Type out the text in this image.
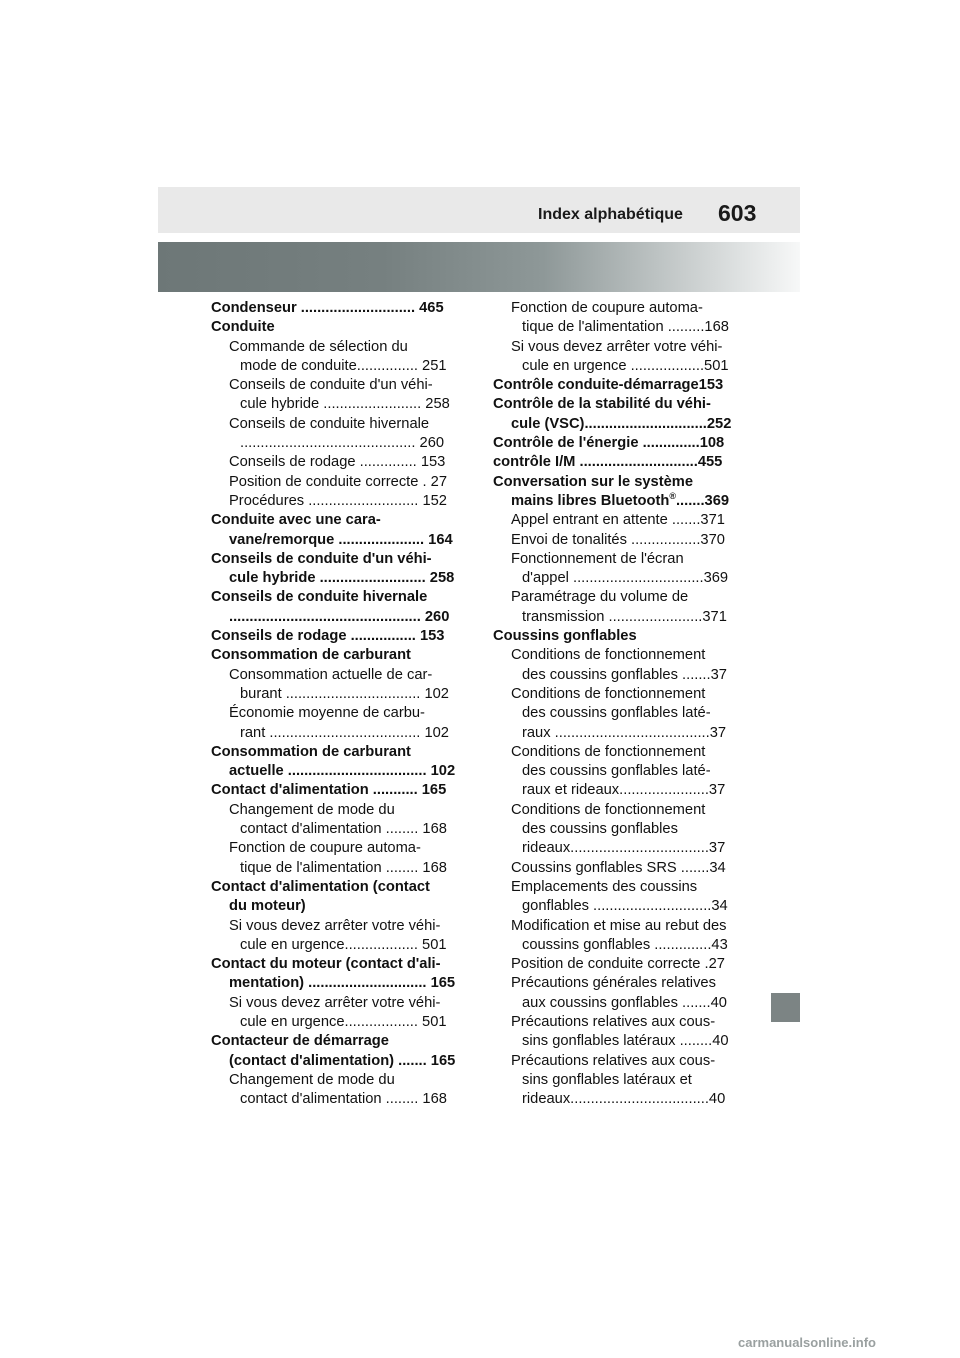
Index alphabétique 603
Condenseur ............................ 465
Conduite
Commande de sélection du
mode de conduite............... 251
Conseils de conduite d'un véhi-
cule hybride ........................ 258
Conseils de conduite hivernale
........................................... 260
Conseils de rodage .............. 153
Position de conduite correcte . 27
Procédures ........................... 152
Conduite avec une cara-
vane/remorque ..................... 164
Conseils de conduite d'un véhi-
cule hybride .......................... 258
Conseils de conduite hivernale
............................................... 260
Conseils de rodage ................ 153
Consommation de carburant
Consommation actuelle de car-
burant ................................. 102
Économie moyenne de carbu-
rant ..................................... 102
Consommation de carburant
actuelle .................................. 102
Contact d'alimentation ........... 165
Changement de mode du
contact d'alimentation ........ 168
Fonction de coupure automa-
tique de l'alimentation ........ 168
Contact d'alimentation (contact
du moteur)
Si vous devez arrêter votre véhi-
cule en urgence.................. 501
Contact du moteur (contact d'ali-
mentation) ............................. 165
Si vous devez arrêter votre véhi-
cule en urgence.................. 501
Contacteur de démarrage
(contact d'alimentation) ....... 165
Changement de mode du
contact d'alimentation ........ 168
Fonction de coupure automa-
tique de l'alimentation .........168
Si vous devez arrêter votre véhi-
cule en urgence ..................501
Contrôle conduite-démarrage153
Contrôle de la stabilité du véhi-
cule (VSC)..............................252
Contrôle de l'énergie ..............108
contrôle I/M .............................455
Conversation sur le système
mains libres Bluetooth®.......369
Appel entrant en attente .......371
Envoi de tonalités .................370
Fonctionnement de l'écran
d'appel ................................369
Paramétrage du volume de
transmission .......................371
Coussins gonflables
Conditions de fonctionnement
des coussins gonflables .......37
Conditions de fonctionnement
des coussins gonflables laté-
raux ......................................37
Conditions de fonctionnement
des coussins gonflables laté-
raux et rideaux......................37
Conditions de fonctionnement
des coussins gonflables
rideaux..................................37
Coussins gonflables SRS .......34
Emplacements des coussins
gonflables .............................34
Modification et mise au rebut des
coussins gonflables ..............43
Position de conduite correcte .27
Précautions générales relatives
aux coussins gonflables .......40
Précautions relatives aux cous-
sins gonflables latéraux ........40
Précautions relatives aux cous-
sins gonflables latéraux et
rideaux..................................40
carmanualsonline.info
